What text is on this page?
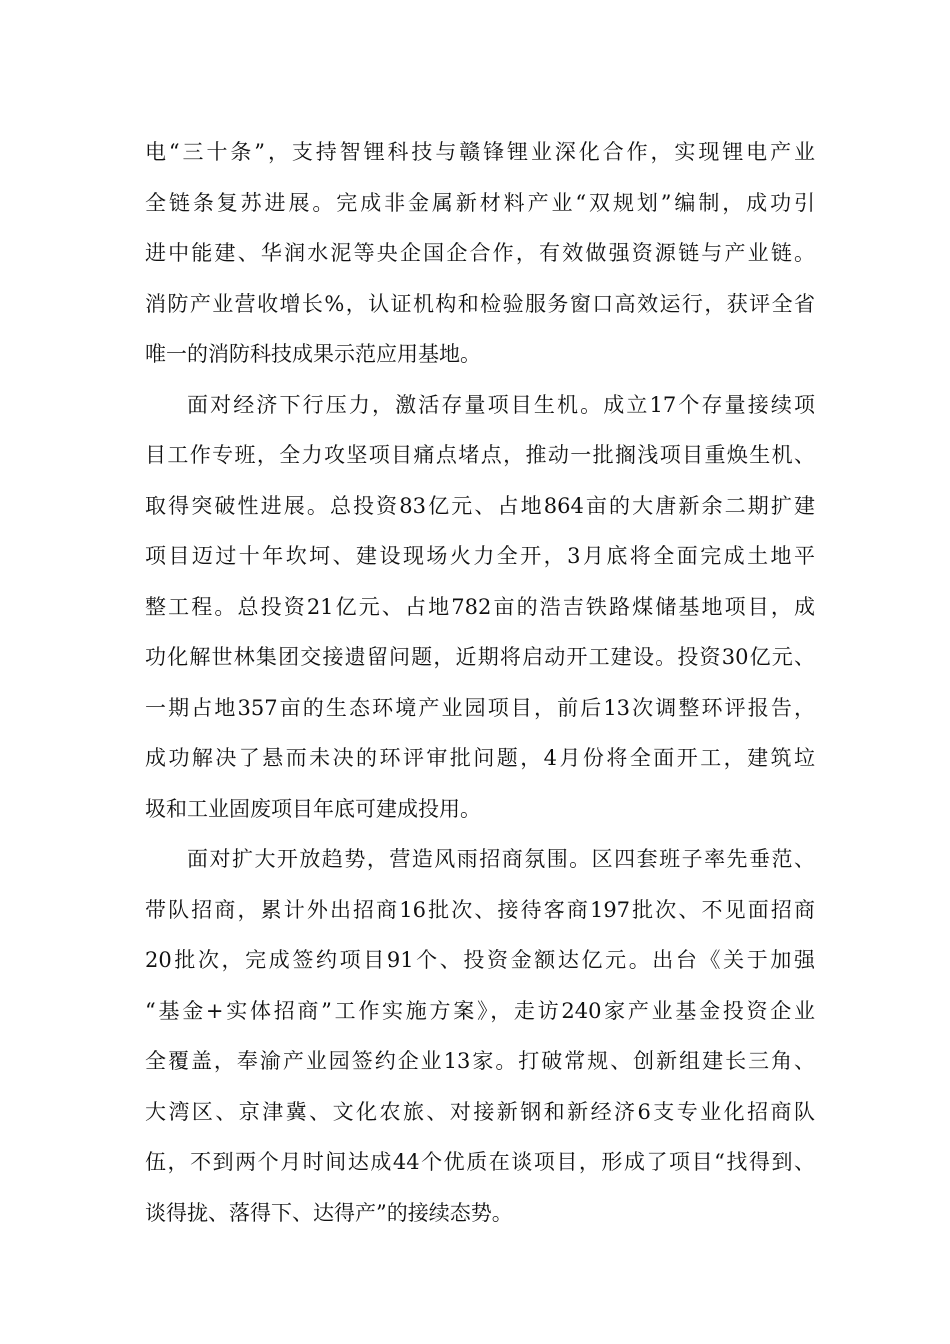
电“三十条”，支持智锂科技与赣锋锂业深化合作，实现锂电产业
全链条复苏进展。完成非金属新材料产业“双规划”编制，成功引
进中能建、华润水泥等央企国企合作，有效做强资源链与产业链。
消防产业营收增长%，认证机构和检验服务窗口高效运行，获评全省
唯一的消防科技成果示范应用基地。
面对经济下行压力，激活存量项目生机。成立17个存量接续项
目工作专班，全力攻坚项目痛点堵点，推动一批搁浅项目重焕生机、
取得突破性进展。总投资83亿元、占地864亩的大唐新余二期扩建
项目迈过十年坎坷、建设现场火力全开，3月底将全面完成土地平
整工程。总投资21亿元、占地782亩的浩吉铁路煤储基地项目，成
功化解世林集团交接遗留问题，近期将启动开工建设。投资30亿元、
一期占地357亩的生态环境产业园项目，前后13次调整环评报告，
成功解决了悬而未决的环评审批问题，4月份将全面开工，建筑垃
圾和工业固废项目年底可建成投用。
面对扩大开放趋势，营造风雨招商氛围。区四套班子率先垂范、
带队招商，累计外出招商16批次、接待客商197批次、不见面招商
20批次，完成签约项目91个、投资金额达亿元。出台《关于加强
“基金+实体招商”工作实施方案》，走访240家产业基金投资企业
全覆盖，奉渝产业园签约企业13家。打破常规、创新组建长三角、
大湾区、京津冀、文化农旅、对接新钢和新经济6支专业化招商队
伍，不到两个月时间达成44个优质在谈项目，形成了项目“找得到、
谈得拢、落得下、达得产”的接续态势。
